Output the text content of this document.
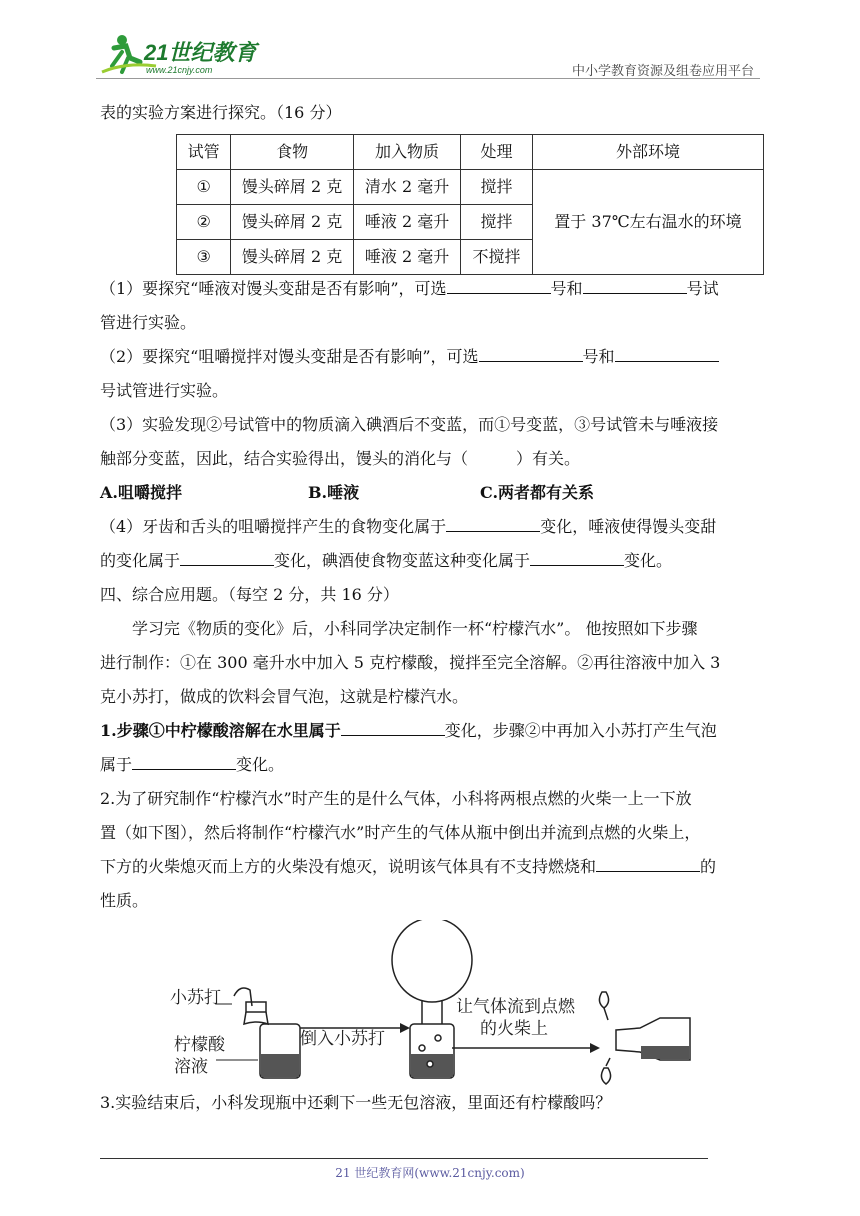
21世纪教育
www.21cnjy.com	中小学教育资源及组卷应用平台
表的实验方案进行探究。（16 分）
试管	食物	加入物质	处理	外部环境
①	馒头碎屑 2 克	清水 2 毫升	搅拌	置于 37℃左右温水的环境
②	馒头碎屑 2 克	唾液 2 毫升	搅拌	
③	馒头碎屑 2 克	唾液 2 毫升	不搅拌	
（1）要探究“唾液对馒头变甜是否有影响”，可选	号和	号试
管进行实验。
（2）要探究“咀嚼搅拌对馒头变甜是否有影响”，可选	号和
号试管进行实验。
（3）实验发现②号试管中的物质滴入碘酒后不变蓝，而①号变蓝，③号试管未与唾液接
触部分变蓝，因此，结合实验得出，馒头的消化与（　　　）有关。
A.咀嚼搅拌	B.唾液	C.两者都有关系
（4）牙齿和舌头的咀嚼搅拌产生的食物变化属于	变化，唾液使得馒头变甜
的变化属于	变化，碘酒使食物变蓝这种变化属于	变化。
四、综合应用题。（每空 2 分，共 16 分）
学习完《物质的变化》后，小科同学决定制作一杯“柠檬汽水”。 他按照如下步骤
进行制作：①在 300 毫升水中加入 5 克柠檬酸，搅拌至完全溶解。②再往溶液中加入 3
克小苏打，做成的饮料会冒气泡，这就是柠檬汽水。
1.步骤①中柠檬酸溶解在水里属于	变化，步骤②中再加入小苏打产生气泡
属于	变化。
2.为了研究制作“柠檬汽水”时产生的是什么气体，小科将两根点燃的火柴一上一下放
置（如下图），然后将制作“柠檬汽水”时产生的气体从瓶中倒出并流到点燃的火柴上，
下方的火柴熄灭而上方的火柴没有熄灭，说明该气体具有不支持燃烧和	的
性质。
3.实验结束后，小科发现瓶中还剩下一些无包溶液，里面还有柠檬酸吗？
小苏打
柠檬酸
溶液
倒入小苏打
让气体流到点燃
的火柴上
21 世纪教育网(www.21cnjy.com)
